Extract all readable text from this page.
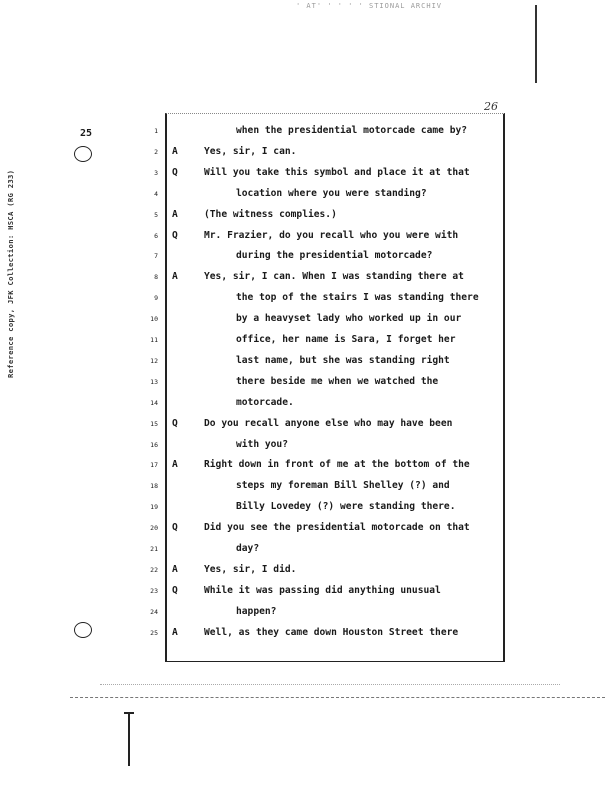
' AT' ' ' ' ' STIONAL ARCHIV
25
Reference copy, JFK Collection: HSCA (RG 233)
26
1	when the presidential motorcade came by?
2 A	Yes, sir, I can.
3 Q	Will you take this symbol and place it at that
4	location where you were standing?
5 A	(The witness complies.)
6 Q	Mr. Frazier, do you recall who you were with
7	during the presidential motorcade?
8 A	Yes, sir, I can. When I was standing there at
9	the top of the stairs I was standing there
10	by a heavyset lady who worked up in our
11	office, her name is Sara, I forget her
12	last name, but she was standing right
13	there beside me when we watched the
14	motorcade.
15 Q	Do you recall anyone else who may have been
16	with you?
17 A	Right down in front of me at the bottom of the
18	steps my foreman Bill Shelley (?) and
19	Billy Lovedey (?) were standing there.
20 Q	Did you see the presidential motorcade on that
21	day?
22 A	Yes, sir, I did.
23 Q	While it was passing did anything unusual
24	happen?
25 A	Well, as they came down Houston Street there
